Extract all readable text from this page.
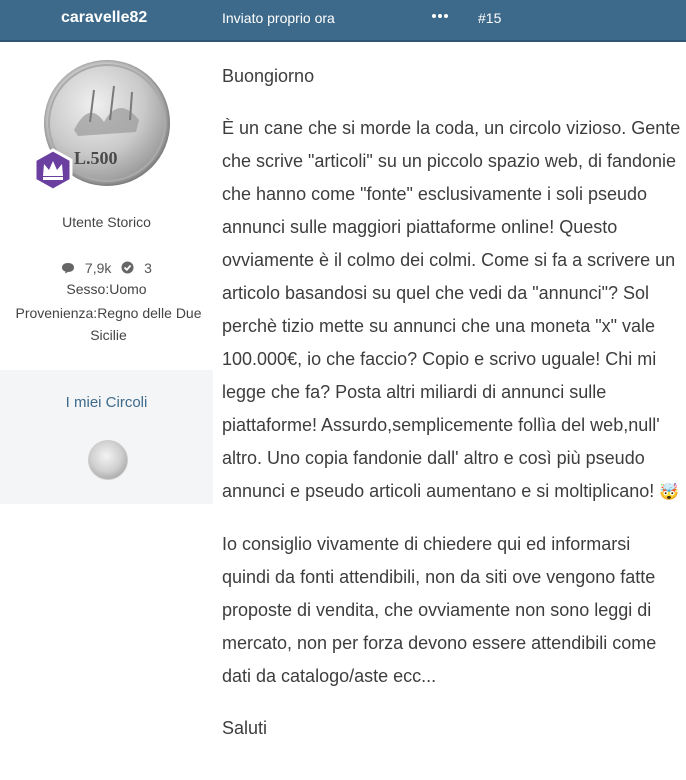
caravelle82	Inviato proprio ora	#15
L.500
Utente Storico
7,9k 3
Sesso:Uomo
Provenienza:Regno delle Due Sicilie
I miei Circoli

Buongiorno

È un cane che si morde la coda, un circolo vizioso. Gente che scrive "articoli" su un piccolo spazio web, di fandonie che hanno come "fonte" esclusivamente i soli pseudo annunci sulle maggiori piattaforme online! Questo ovviamente è il colmo dei colmi. Come si fa a scrivere un articolo basandosi su quel che vedi da "annunci"? Sol perchè tizio mette su annunci che una moneta "x" vale 100.000€, io che faccio? Copio e scrivo uguale! Chi mi legge che fa? Posta altri miliardi di annunci sulle piattaforme! Assurdo,semplicemente follìa del web,null' altro. Uno copia fandonie dall' altro e così più pseudo annunci e pseudo articoli aumentano e si moltiplicano! 🤯

Io consiglio vivamente di chiedere qui ed informarsi quindi da fonti attendibili, non da siti ove vengono fatte proposte di vendita, che ovviamente non sono leggi di mercato, non per forza devono essere attendibili come dati da catalogo/aste ecc...

Saluti
